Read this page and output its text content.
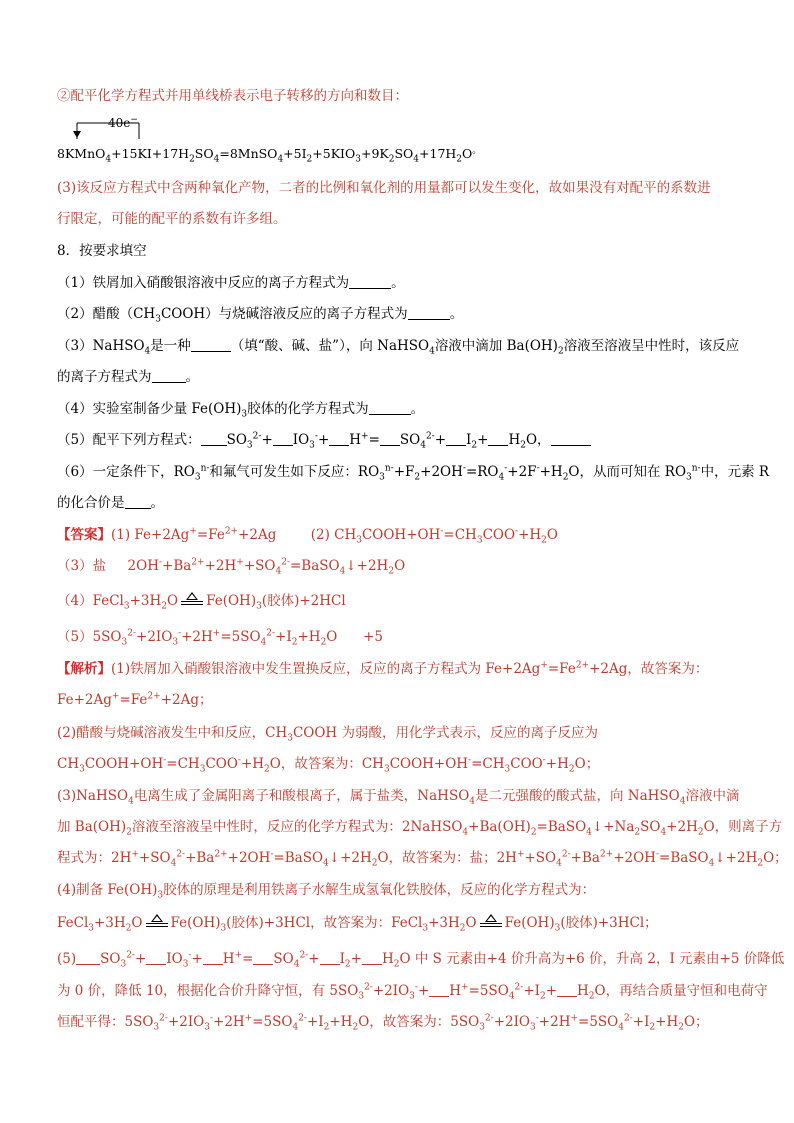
②配平化学方程式并用单线桥表示电子转移的方向和数目：
40e−
$8KMnO_4+15KI+17H_2SO_4=8MnSO_4+5I_2+5KIO_3+9K_2SO_4+17H_2O^。$
(3)该反应方程式中含两种氧化产物，二者的比例和氧化剂的用量都可以发生变化，故如果没有对配平的系数进
行限定，可能的配平的系数有许多组。
8．按要求填空
（1）铁屑加入硝酸银溶液中反应的离子方程式为	。
（2）醋酸$(CH_3COOH)$与烧碱溶液反应的离子方程式为	。
（3）NaHSO$_4$是一种	（填“酸、碱、盐”），向 NaHSO$_4$溶液中滴加 $Ba(OH)_2$溶液至溶液呈中性时，该反应
的离子方程式为	。
（4）实验室制备少量 $Fe(OH)_3$胶体的化学方程式为	。
（5）配平下列方程式： $SO_3^{2-}+ IO_3^-+ H^+= SO_4^{2-}+ I_2+ H_2O$，
（6）一定条件下，$RO_3^{n-}$和氟气可发生如下反应：$RO_3^{n-}+F_2+2OH^-=RO_4^-+2F^-+H_2O$，从而可知在 $RO_3^{n-}$中，元素 R
的化合价是 。
【答案】(1) $Fe+2Ag^+=Fe^{2+}+2Ag$        (2) $CH_3COOH+OH^-=CH_3COO^-+H_2O$
（3）盐     $2OH^-+Ba^{2+}+2H^++SO_4^{2-}=BaSO_4↓+2H_2O$
$(4)FeCl_3+3H_2O$ $Fe(OH)_3$(胶体)+2HCl
$(5)5SO_3^{2-}+2IO_3^-+2H^+=5SO_4^{2-}+I_2+H_2O$      +5
【解析】(1)铁屑加入硝酸银溶液中发生置换反应，反应的离子方程式为 $Fe+2Ag^+=Fe^{2+}+2Ag$，故答案为：
$Fe+2Ag^+=Fe^{2+}+2Ag$；
(2)醋酸与烧碱溶液发生中和反应，$CH_3COOH$ 为弱酸，用化学式表示，反应的离子反应为
$CH_3COOH+OH^-=CH_3COO^-+H_2O$，故答案为：$CH_3COOH+OH^-=CH_3COO^-+H_2O$；
(3)NaHSO$_4$电离生成了金属阳离子和酸根离子，属于盐类，NaHSO$_4$是二元强酸的酸式盐，向 NaHSO$_4$溶液中滴
加 $Ba(OH)_2$溶液至溶液呈中性时，反应的化学方程式为：$2NaHSO_4+Ba(OH)_2=BaSO_4↓+Na_2SO_4+2H_2O$，则离子方
程式为：$2H^++SO_4^{2-}+Ba^{2+}+2OH^-=BaSO_4↓+2H_2O$，故答案为：盐；$2H^++SO_4^{2-}+Ba^{2+}+2OH^-=BaSO_4↓+2H_2O$；
(4)制备 $Fe(OH)_3$胶体的原理是利用铁离子水解生成氢氧化铁胶体，反应的化学方程式为：
$FeCl_3+3H_2O$ $Fe(OH)_3$(胶体)+3HCl，故答案为：$FeCl_3+3H_2O$ $Fe(OH)_3$(胶体)+3HCl；
(5) $SO_3^{2-}+ IO_3^-+ H^+= SO_4^{2-}+ I_2+ H_2O$ 中 S 元素由+4 价升高为+6 价，升高 2，I 元素由+5 价降低
为 0 价，降低 10，根据化合价升降守恒，有 $5SO_3^{2-}+2IO_3^-+ H^+=5SO_4^{2-}+I_2+ H_2O$，再结合质量守恒和电荷守
恒配平得：$5SO_3^{2-}+2IO_3^-+2H^+=5SO_4^{2-}+I_2+H_2O$，故答案为：$5SO_3^{2-}+2IO_3^-+2H^+=5SO_4^{2-}+I_2+H_2O$；
